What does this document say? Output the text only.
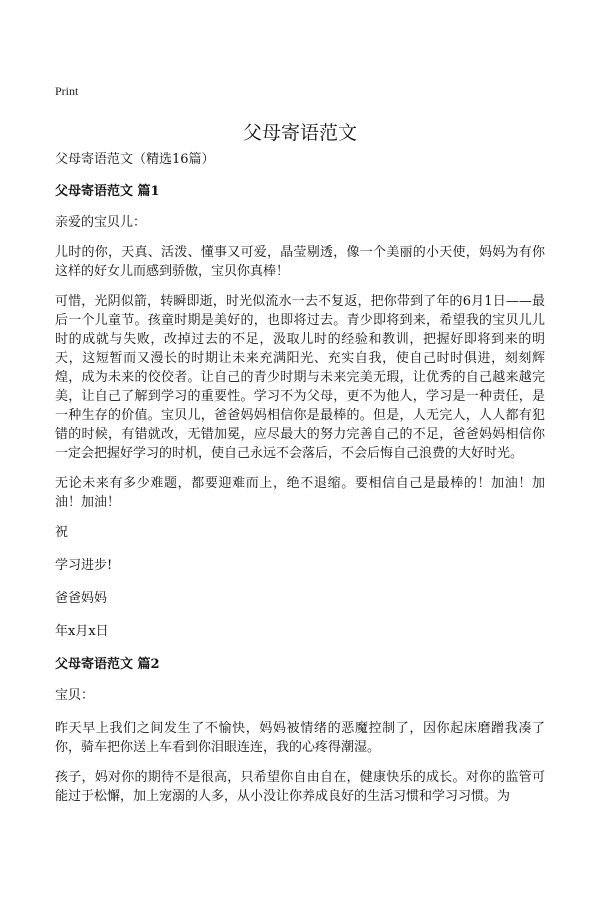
Print
父母寄语范文

父母寄语范文（精选16篇）

父母寄语范文 篇1

亲爱的宝贝儿：

儿时的你，天真、活泼、懂事又可爱，晶莹剔透，像一个美丽的小天使，妈妈为有你这样的好女儿而感到骄傲，宝贝你真棒！

可惜，光阴似箭，转瞬即逝，时光似流水一去不复返，把你带到了年的6月1日——最后一个儿童节。孩童时期是美好的，也即将过去。青少即将到来，希望我的宝贝儿儿时的成就与失败，改掉过去的不足，汲取儿时的经验和教训，把握好即将到来的明天，这短暂而又漫长的时期让未来充满阳光、充实自我，使自己时时俱进，刻刻辉煌，成为未来的佼佼者。让自己的青少时期与未来完美无瑕，让优秀的自己越来越完美，让自己了解到学习的重要性。学习不为父母，更不为他人，学习是一种责任，是一种生存的价值。宝贝儿，爸爸妈妈相信你是最棒的。但是，人无完人，人人都有犯错的时候，有错就改，无错加冕，应尽最大的努力完善自己的不足，爸爸妈妈相信你一定会把握好学习的时机，使自己永远不会落后，不会后悔自己浪费的大好时光。

无论未来有多少难题，都要迎难而上，绝不退缩。要相信自己是最棒的！加油！加油！加油！

祝

学习进步!

爸爸妈妈

年x月x日

父母寄语范文 篇2

宝贝：

昨天早上我们之间发生了不愉快，妈妈被情绪的恶魔控制了，因你起床磨蹭我凑了你，骑车把你送上车看到你泪眼连连，我的心疼得潮湿。

孩子，妈对你的期待不是很高，只希望你自由自在，健康快乐的成长。对你的监管可能过于松懈，加上宠溺的人多，从小没让你养成良好的生活习惯和学习习惯。为
